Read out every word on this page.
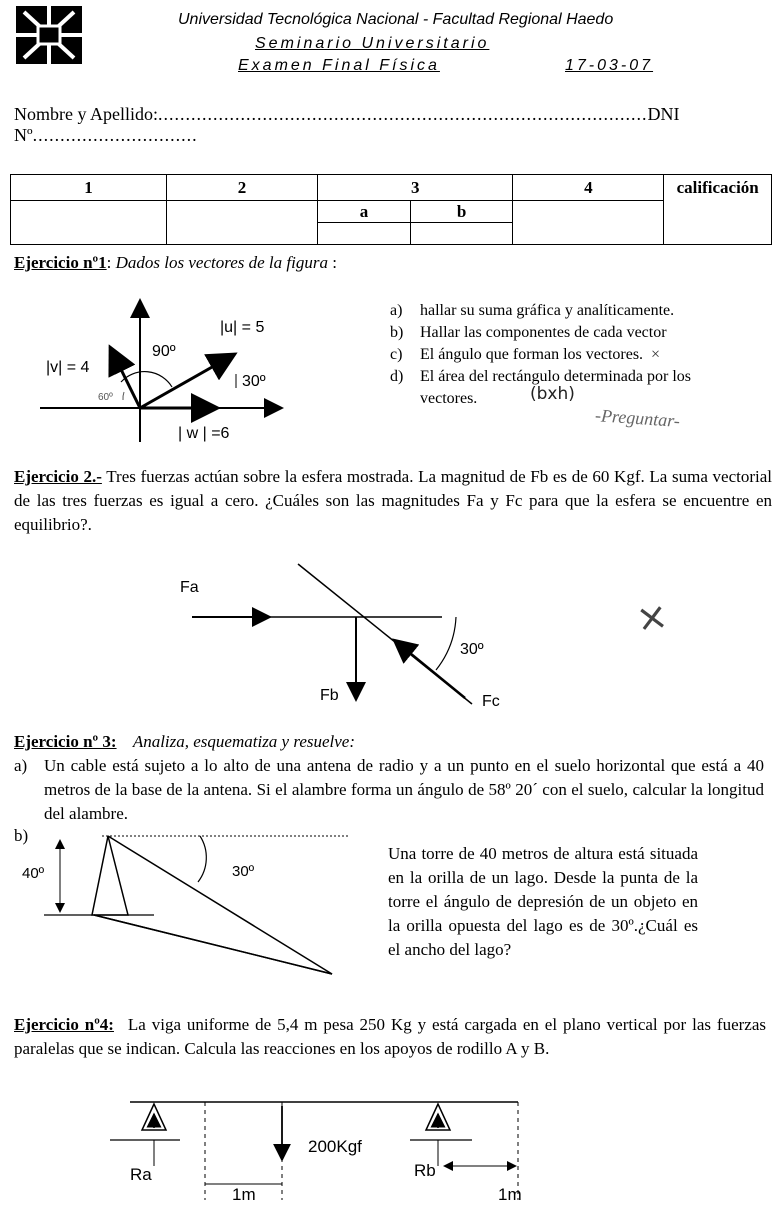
Universidad Tecnológica Nacional - Facultad Regional Haedo
Seminario Universitario
Examen Final Física	17-03-07
Nombre y Apellido:.........................................................................................DNI Nº..............................
1	2	3		4	calificación
		a	b		

Ejercicio nº1: Dados los vectores de la figura :
90º
|u| = 5
|v| = 4
30º
60º
| w | =6
a)	hallar su suma gráfica y analíticamente.
b)	Hallar las componentes de cada vector
c)	El ángulo que forman los vectores. ×
d)	El área del rectángulo determinada por los vectores.	(bxh)
-Preguntar-
Ejercicio 2.- Tres fuerzas actúan sobre la esfera mostrada. La magnitud de Fb es de 60 Kgf. La suma vectorial de las tres fuerzas es igual a cero. ¿Cuáles son las magnitudes Fa y Fc para que la esfera se encuentre en equilibrio?.
Fa
Fb	Fc
30º
×
Ejercicio nº 3: Analiza, esquematiza y resuelve:
a) Un cable está sujeto a lo alto de una antena de radio y a un punto en el suelo horizontal que está a 40 metros de la base de la antena. Si el alambre forma un ángulo de 58º 20´ con el suelo, calcular la longitud del alambre.
b)
40º	30º
Una torre de 40 metros de altura está situada en la orilla de un lago. Desde la punta de la torre el ángulo de depresión de un objeto en la orilla opuesta del lago es de 30º.¿Cuál es el ancho del lago?
Ejercicio nº4: La viga uniforme de 5,4 m pesa 250 Kg y está cargada en el plano vertical por las fuerzas paralelas que se indican. Calcula las reacciones en los apoyos de rodillo A y B.
200Kgf
Ra	Rb
1m	1m
